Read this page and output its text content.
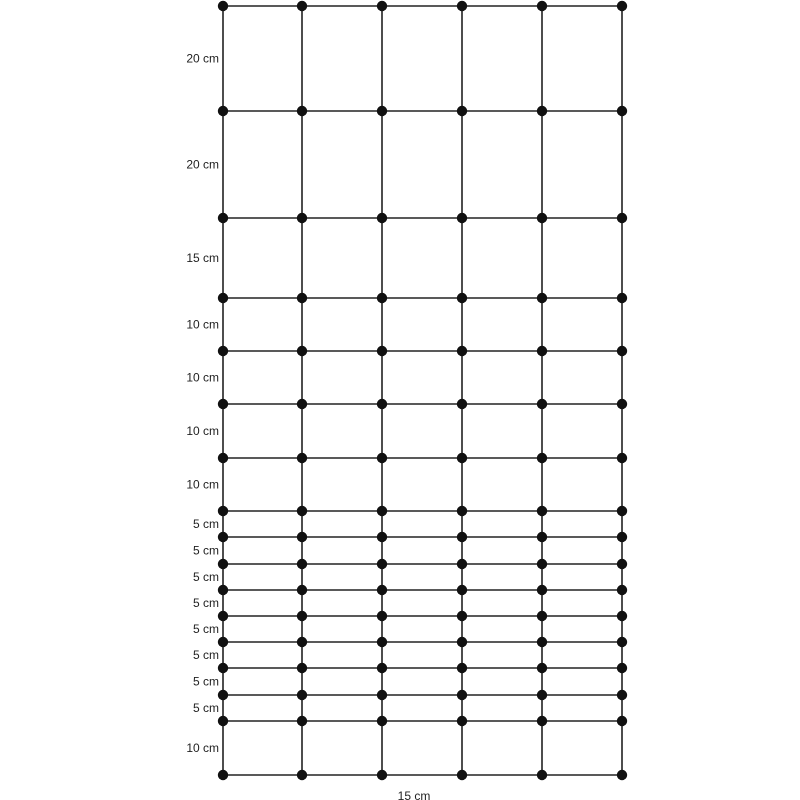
20 cm
20 cm
15 cm
10 cm
10 cm
10 cm
10 cm
5 cm
5 cm
5 cm
5 cm
5 cm
5 cm
5 cm
5 cm
10 cm
15 cm
